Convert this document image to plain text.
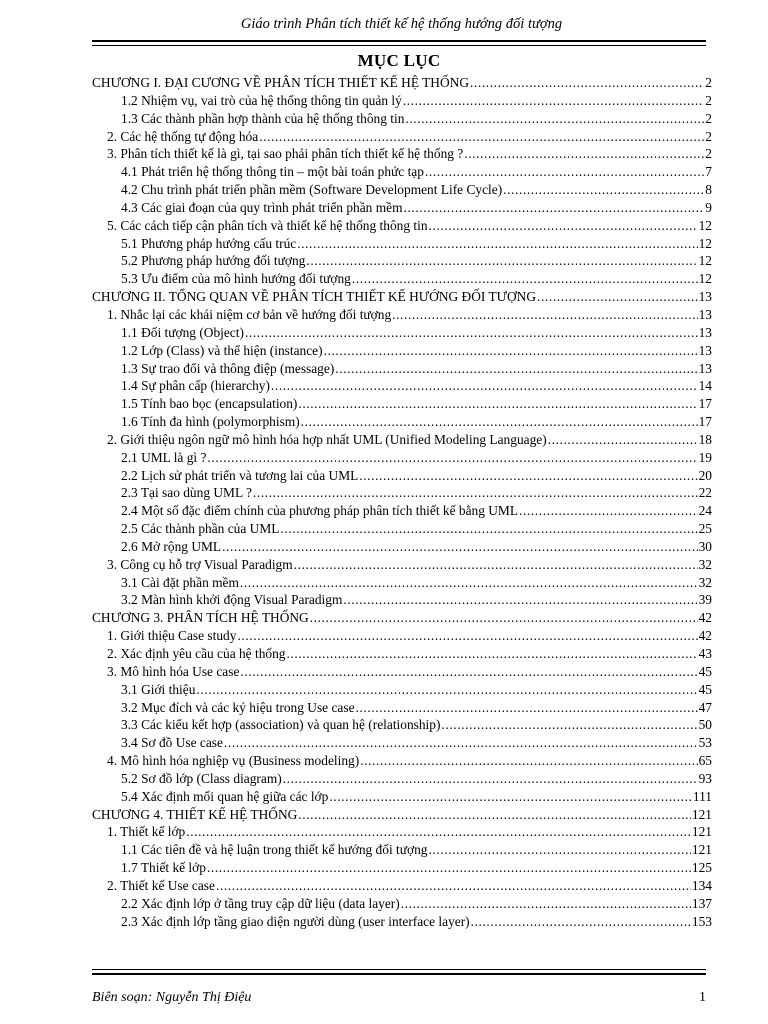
Giáo trình Phân tích thiết kế hệ thống hướng đối tượng
MỤC LỤC
CHƯƠNG I. ĐẠI CƯƠNG VỀ PHÂN TÍCH THIẾT KẾ HỆ THỐNG .....	2
1.2 Nhiệm vụ, vai trò của hệ thống thông tin quản lý .....	2
1.3 Các thành phần hợp thành của hệ thống thông tin .....	2
2. Các hệ thống tự động hóa .....	2
3. Phân tích thiết kế là gì, tại sao phải phân tích thiết kế hệ thống ? .....	2
4.1 Phát triển hệ thống thông tin – một bài toán phức tạp .....	7
4.2 Chu trình phát triển phần mềm (Software Development Life Cycle) .....	8
4.3 Các giai đoạn của quy trình phát triển phần mềm .....	9
5. Các cách tiếp cận phân tích và thiết kế hệ thống thông tin .....	12
5.1 Phương pháp hướng cấu trúc .....	12
5.2 Phương pháp hướng đối tượng .....	12
5.3 Ưu điểm của mô hình hướng đối tượng .....	12
CHƯƠNG II. TỔNG QUAN VỀ PHÂN TÍCH THIẾT KẾ HƯỚNG ĐỐI TƯỢNG .....	13
1. Nhắc lại các khái niệm cơ bản về hướng đối tượng .....	13
1.1 Đối tượng (Object) .....	13
1.2 Lớp (Class) và thể hiện (instance) .....	13
1.3 Sự trao đổi và thông điệp (message) .....	13
1.4 Sự phân cấp (hierarchy) .....	14
1.5 Tính bao bọc (encapsulation) .....	17
1.6 Tính đa hình (polymorphism) .....	17
2. Giới thiệu ngôn ngữ mô hình hóa hợp nhất UML (Unified Modeling Language) .....	18
2.1 UML là gì ? .....	19
2.2 Lịch sử phát triển và tương lai của UML .....	20
2.3 Tại sao dùng UML ? .....	22
2.4 Một số đặc điểm chính của phương pháp phân tích thiết kế bằng UML .....	24
2.5 Các thành phần của UML .....	25
2.6 Mở rộng UML .....	30
3. Công cụ hỗ trợ Visual Paradigm .....	32
3.1 Cài đặt phần mềm .....	32
3.2 Màn hình khởi động Visual Paradigm .....	39
CHƯƠNG 3. PHÂN TÍCH HỆ THỐNG .....	42
1. Giới thiệu Case study .....	42
2. Xác định yêu cầu của hệ thống .....	43
3. Mô hình hóa Use case .....	45
3.1 Giới thiệu .....	45
3.2 Mục đích và các ký hiệu trong Use case .....	47
3.3 Các kiểu kết hợp (association) và quan hệ (relationship) .....	50
3.4 Sơ đồ Use case .....	53
4. Mô hình hóa nghiệp vụ (Business modeling) .....	65
5.2 Sơ đồ lớp (Class diagram) .....	93
5.4 Xác định mối quan hệ giữa các lớp .....	111
CHƯƠNG 4. THIẾT KẾ HỆ THỐNG .....	121
1. Thiết kế lớp .....	121
1.1 Các tiên đề và hệ luận trong thiết kế hướng đối tượng .....	121
1.7 Thiết kế lớp .....	125
2. Thiết kế Use case .....	134
2.2 Xác định lớp ở tầng truy cập dữ liệu (data layer) .....	137
2.3 Xác định lớp tầng giao diện người dùng (user interface layer) .....	153
Biên soạn: Nguyễn Thị Điệu	1
